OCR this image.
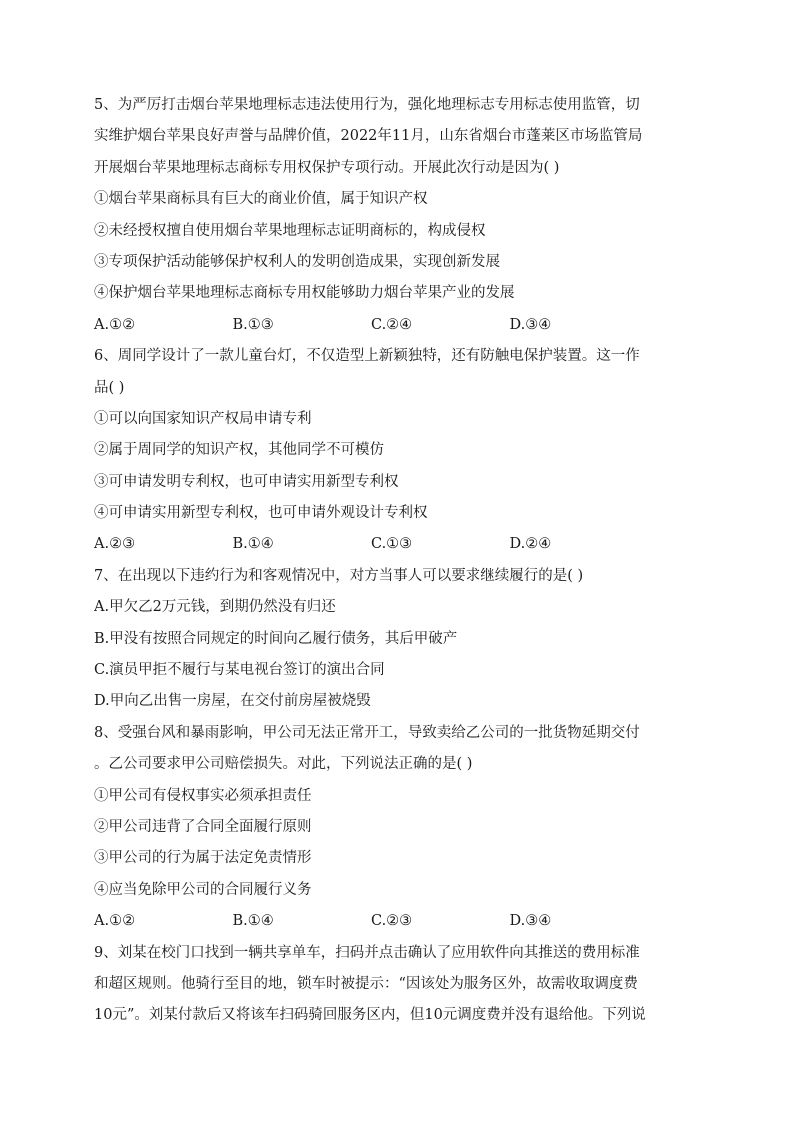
5、为严厉打击烟台苹果地理标志违法使用行为，强化地理标志专用标志使用监管，切
实维护烟台苹果良好声誉与品牌价值，2022年11月，山东省烟台市蓬莱区市场监管局
开展烟台苹果地理标志商标专用权保护专项行动。开展此次行动是因为( )
①烟台苹果商标具有巨大的商业价值，属于知识产权
②未经授权擅自使用烟台苹果地理标志证明商标的，构成侵权
③专项保护活动能够保护权利人的发明创造成果，实现创新发展
④保护烟台苹果地理标志商标专用权能够助力烟台苹果产业的发展
A.①②	B.①③	C.②④	D.③④
6、周同学设计了一款儿童台灯，不仅造型上新颖独特，还有防触电保护装置。这一作
品( )
①可以向国家知识产权局申请专利
②属于周同学的知识产权，其他同学不可模仿
③可申请发明专利权，也可申请实用新型专利权
④可申请实用新型专利权，也可申请外观设计专利权
A.②③	B.①④	C.①③	D.②④
7、在出现以下违约行为和客观情况中，对方当事人可以要求继续履行的是( )
A.甲欠乙2万元钱，到期仍然没有归还
B.甲没有按照合同规定的时间向乙履行债务，其后甲破产
C.演员甲拒不履行与某电视台签订的演出合同
D.甲向乙出售一房屋，在交付前房屋被烧毁
8、受强台风和暴雨影响，甲公司无法正常开工，导致卖给乙公司的一批货物延期交付
。乙公司要求甲公司赔偿损失。对此，下列说法正确的是( )
①甲公司有侵权事实必须承担责任
②甲公司违背了合同全面履行原则
③甲公司的行为属于法定免责情形
④应当免除甲公司的合同履行义务
A.①②	B.①④	C.②③	D.③④
9、刘某在校门口找到一辆共享单车，扫码并点击确认了应用软件向其推送的费用标准
和超区规则。他骑行至目的地，锁车时被提示：“因该处为服务区外，故需收取调度费
10元”。刘某付款后又将该车扫码骑回服务区内，但10元调度费并没有退给他。下列说
